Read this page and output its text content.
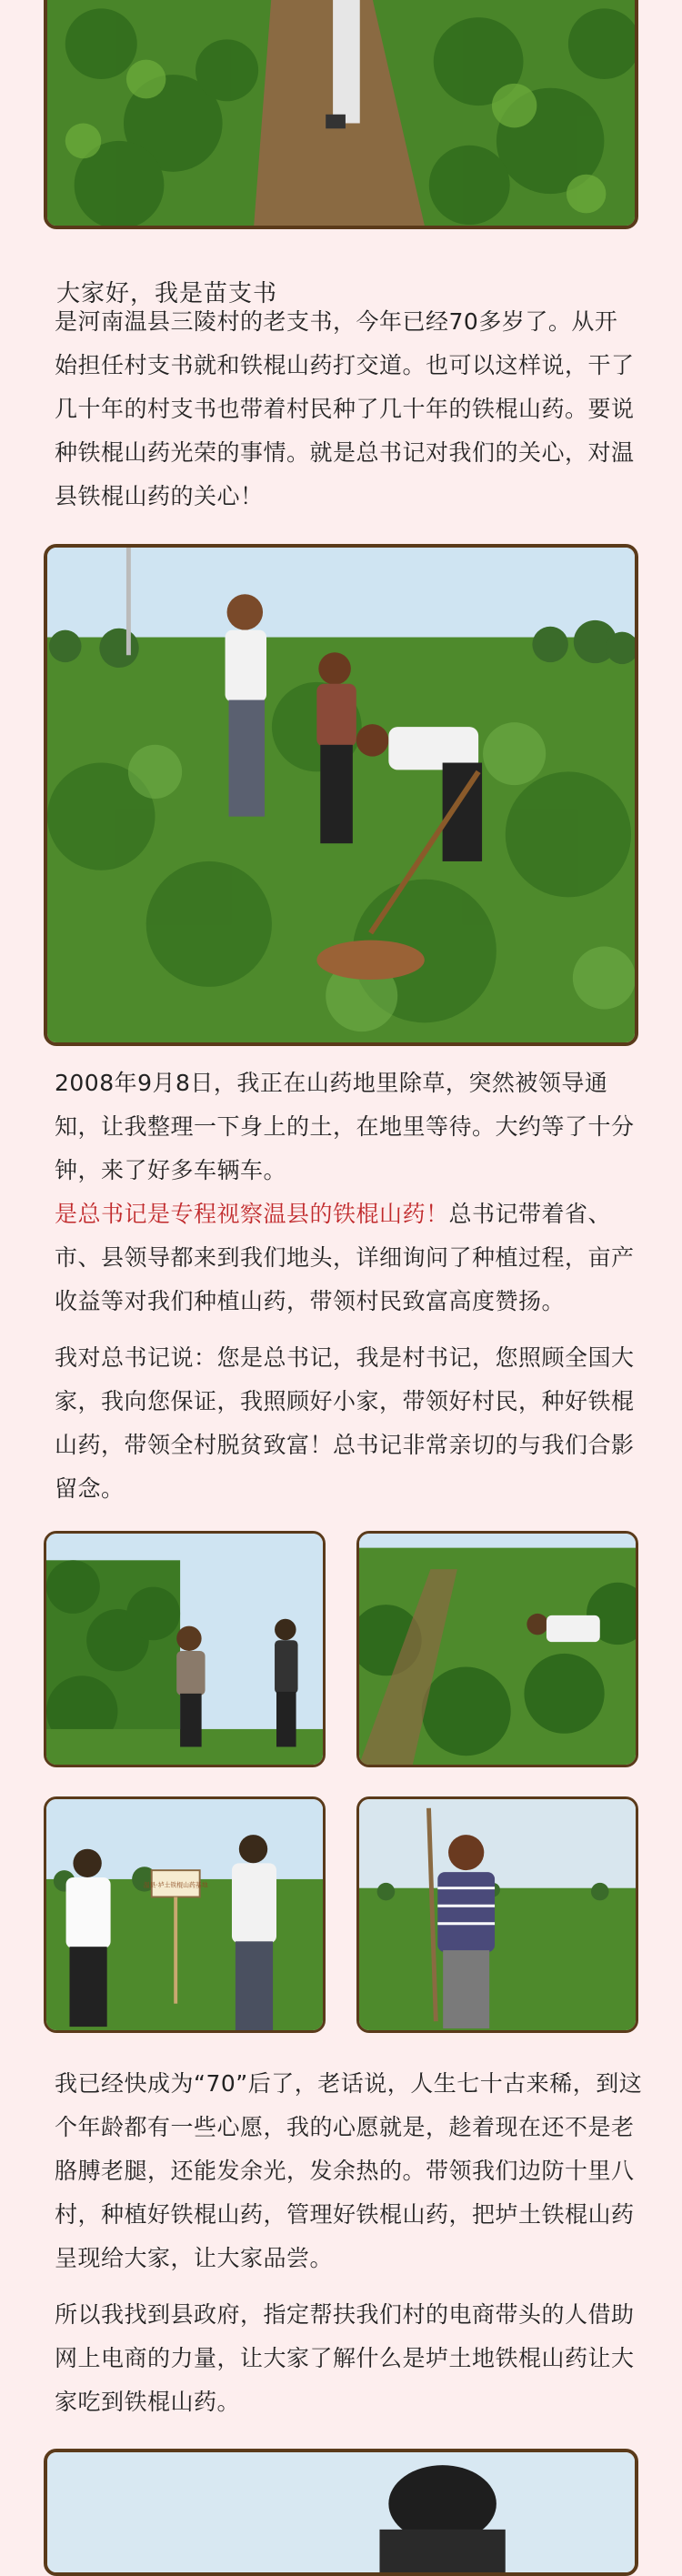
大家好，我是苗支书

是河南温县三陵村的老支书，今年已经70多岁了。从开始担任村支书就和铁棍山药打交道。也可以这样说，干了几十年的村支书也带着村民种了几十年的铁棍山药。要说种铁棍山药光荣的事情。就是总书记对我们的关心，对温县铁棍山药的关心！

2008年9月8日，我正在山药地里除草，突然被领导通知，让我整理一下身上的土，在地里等待。大约等了十分钟，来了好多车辆车。

是总书记是专程视察温县的铁棍山药！总书记带着省、市、县领导都来到我们地头，详细询问了种植过程，亩产收益等对我们种植山药，带领村民致富高度赞扬。

我对总书记说：您是总书记，我是村书记，您照顾全国大家，我向您保证，我照顾好小家，带领好村民，种好铁棍山药，带领全村脱贫致富！总书记非常亲切的与我们合影留念。

温县·垆土铁棍山药基地

我已经快成为“70”后了，老话说，人生七十古来稀，到这个年龄都有一些心愿，我的心愿就是，趁着现在还不是老胳膊老腿，还能发余光，发余热的。带领我们边防十里八村，种植好铁棍山药，管理好铁棍山药，把垆土铁棍山药呈现给大家，让大家品尝。

所以我找到县政府，指定帮扶我们村的电商带头的人借助网上电商的力量，让大家了解什么是垆土地铁棍山药让大家吃到铁棍山药。
